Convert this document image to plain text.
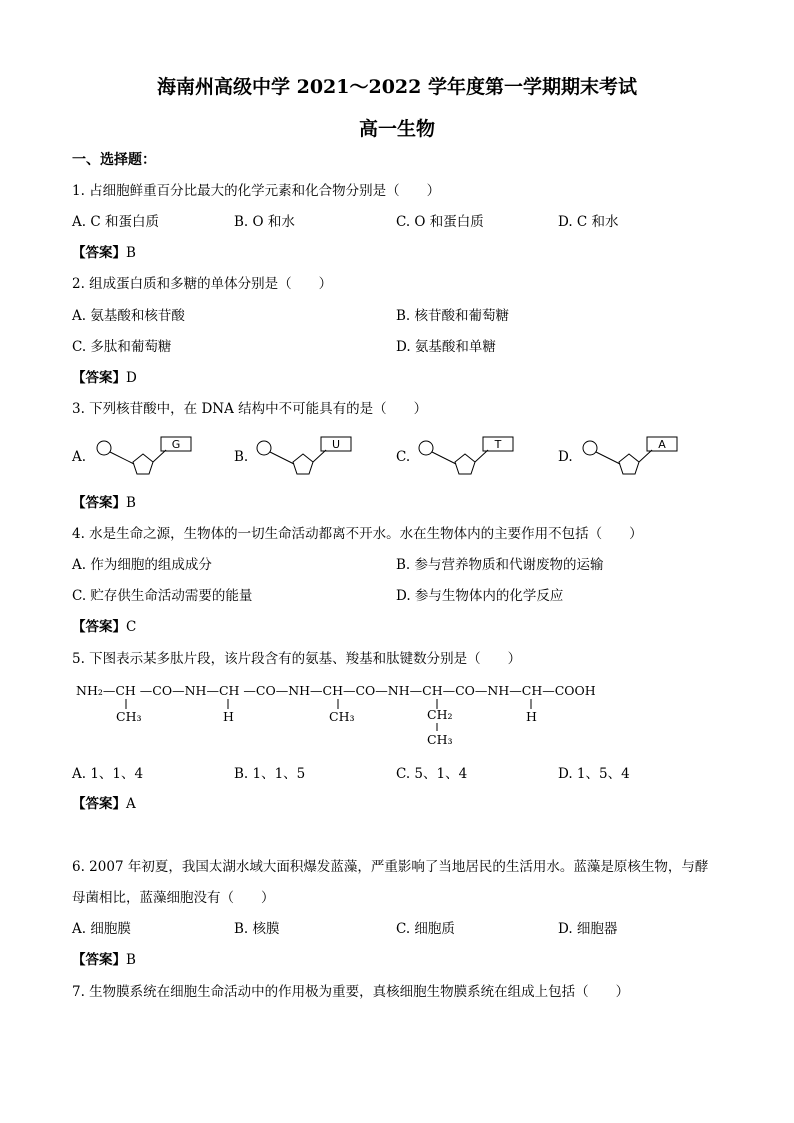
海南州高级中学 2021～2022 学年度第一学期期末考试
高一生物
一、选择题：
1. 占细胞鲜重百分比最大的化学元素和化合物分别是（　　）
A. C 和蛋白质	B. O 和水	C. O 和蛋白质	D. C 和水
【答案】B
2. 组成蛋白质和多糖的单体分别是（　　）
A. 氨基酸和核苷酸	B. 核苷酸和葡萄糖
C. 多肽和葡萄糖	D. 氨基酸和单糖
【答案】D
3. 下列核苷酸中，在 DNA 结构中不可能具有的是（　　）
A.
G
B.
U
C.
T
D.
A
【答案】B
4. 水是生命之源，生物体的一切生命活动都离不开水。水在生物体内的主要作用不包括（　　）
A. 作为细胞的组成成分	B. 参与营养物质和代谢废物的运输
C. 贮存供生命活动需要的能量	D. 参与生物体内的化学反应
【答案】C
5. 下图表示某多肽片段，该片段含有的氨基、羧基和肽键数分别是（　　）
NH₂—CH —CO—NH—CH —CO—NH—CH—CO—NH—CH—CO—NH—CH—COOH
CH₃	H	CH₃	CH₂
CH₃
H
A. 1、1、4	B. 1、1、5	C. 5、1、4	D. 1、5、4
【答案】A
6. 2007 年初夏，我国太湖水域大面积爆发蓝藻，严重影响了当地居民的生活用水。蓝藻是原核生物，与酵
母菌相比，蓝藻细胞没有（　　）
A. 细胞膜	B. 核膜	C. 细胞质	D. 细胞器
【答案】B
7. 生物膜系统在细胞生命活动中的作用极为重要，真核细胞生物膜系统在组成上包括（　　）
